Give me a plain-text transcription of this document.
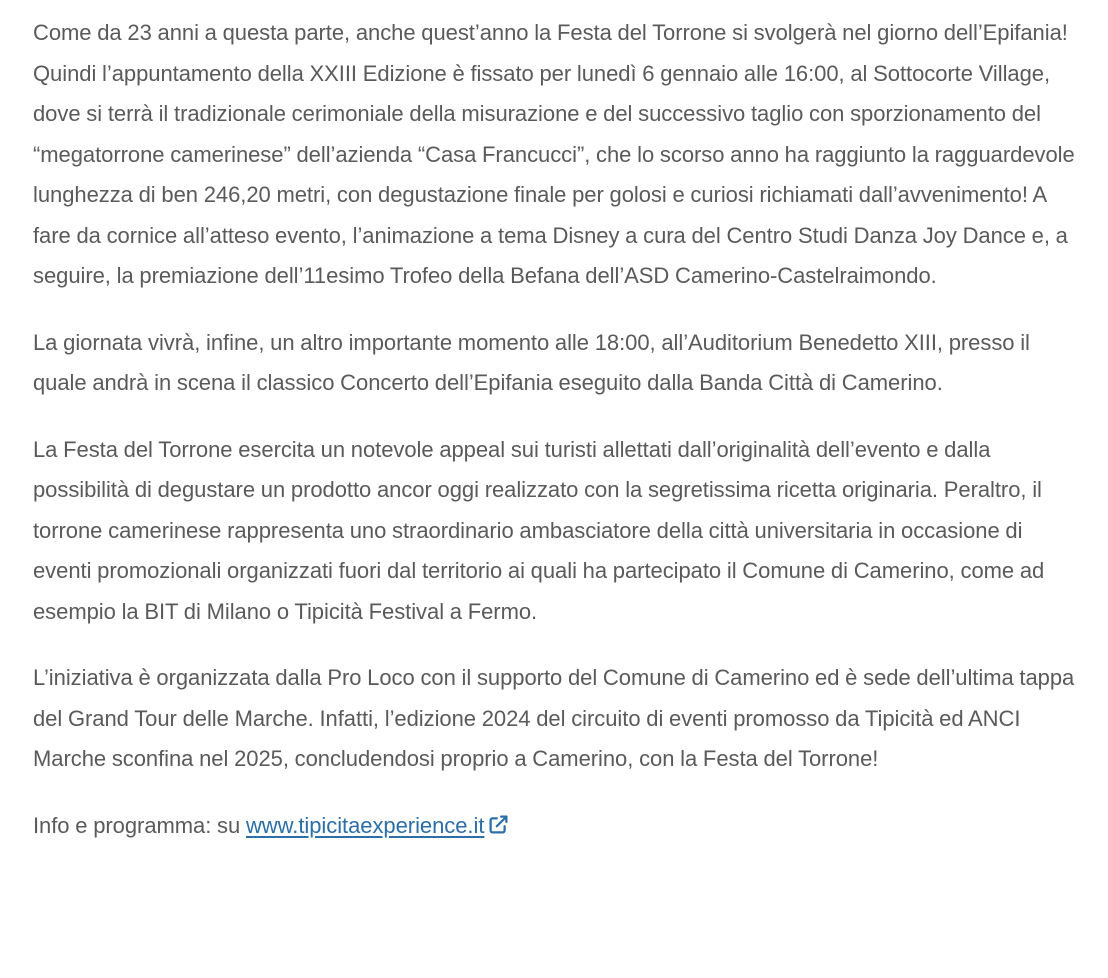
Come da 23 anni a questa parte, anche quest’anno la Festa del Torrone si svolgerà nel giorno dell’Epifania! Quindi l’appuntamento della XXIII Edizione è fissato per lunedì 6 gennaio alle 16:00, al Sottocorte Village, dove si terrà il tradizionale cerimoniale della misurazione e del successivo taglio con sporzionamento del “megatorrone camerinese” dell’azienda “Casa Francucci”, che lo scorso anno ha raggiunto la ragguardevole lunghezza di ben 246,20 metri, con degustazione finale per golosi e curiosi richiamati dall’avvenimento! A fare da cornice all’atteso evento, l’animazione a tema Disney a cura del Centro Studi Danza Joy Dance e, a seguire, la premiazione dell’11esimo Trofeo della Befana dell’ASD Camerino-Castelraimondo.

La giornata vivrà, infine, un altro importante momento alle 18:00, all’Auditorium Benedetto XIII, presso il quale andrà in scena il classico Concerto dell’Epifania eseguito dalla Banda Città di Camerino.

La Festa del Torrone esercita un notevole appeal sui turisti allettati dall’originalità dell’evento e dalla possibilità di degustare un prodotto ancor oggi realizzato con la segretissima ricetta originaria. Peraltro, il torrone camerinese rappresenta uno straordinario ambasciatore della città universitaria in occasione di eventi promozionali organizzati fuori dal territorio ai quali ha partecipato il Comune di Camerino, come ad esempio la BIT di Milano o Tipicità Festival a Fermo.

L’iniziativa è organizzata dalla Pro Loco con il supporto del Comune di Camerino ed è sede dell’ultima tappa del Grand Tour delle Marche. Infatti, l’edizione 2024 del circuito di eventi promosso da Tipicità ed ANCI Marche sconfina nel 2025, concludendosi proprio a Camerino, con la Festa del Torrone!

Info e programma: su www.tipicitaexperience.it
